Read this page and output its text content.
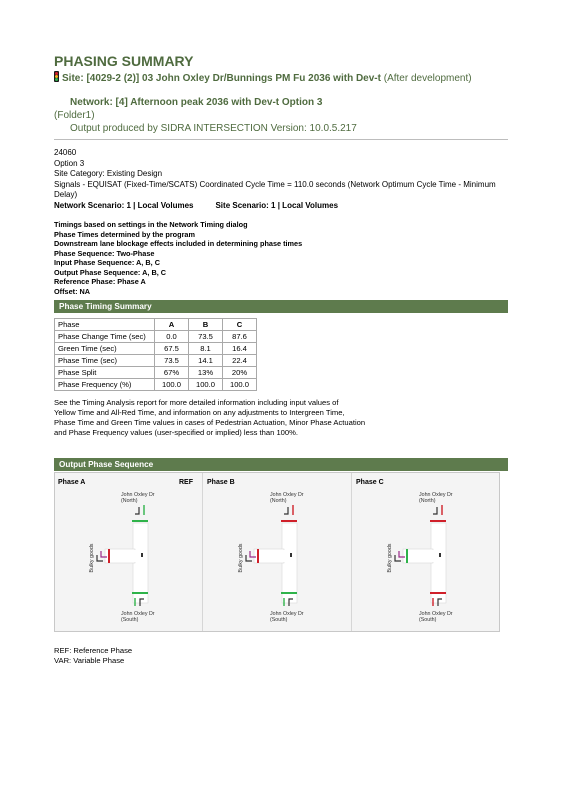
PHASING SUMMARY
Site: [4029-2 (2)] 03 John Oxley Dr/Bunnings PM Fu 2036 with Dev-t (After development)
Network: [4] Afternoon peak 2036 with Dev-t Option 3
(Folder1)
Output produced by SIDRA INTERSECTION Version: 10.0.5.217
24060
Option 3
Site Category: Existing Design
Signals - EQUISAT (Fixed-Time/SCATS) Coordinated Cycle Time = 110.0 seconds (Network Optimum Cycle Time - Minimum Delay)
Network Scenario: 1 | Local Volumes	Site Scenario: 1 | Local Volumes
Timings based on settings in the Network Timing dialog
Phase Times determined by the program
Downstream lane blockage effects included in determining phase times
Phase Sequence: Two-Phase
Input Phase Sequence: A, B, C
Output Phase Sequence: A, B, C
Reference Phase: Phase A
Offset: NA
Phase Timing Summary
Phase	A	B	C
Phase Change Time (sec)	0.0	73.5	87.6
Green Time (sec)	67.5	8.1	16.4
Phase Time (sec)	73.5	14.1	22.4
Phase Split	67%	13%	20%
Phase Frequency (%)	100.0	100.0	100.0
See the Timing Analysis report for more detailed information including input values of
Yellow Time and All-Red Time, and information on any adjustments to Intergreen Time,
Phase Time and Green Time values in cases of Pedestrian Actuation, Minor Phase Actuation
and Phase Frequency values (user-specified or implied) less than 100%.
Output Phase Sequence
Phase A	REF
John Oxley Dr
(North)
John Oxley Dr
(South)
Bulky goods
Phase B
John Oxley Dr
(North)
John Oxley Dr
(South)
Bulky goods
Phase C
John Oxley Dr
(North)
John Oxley Dr
(South)
Bulky goods
REF: Reference Phase
VAR: Variable Phase
